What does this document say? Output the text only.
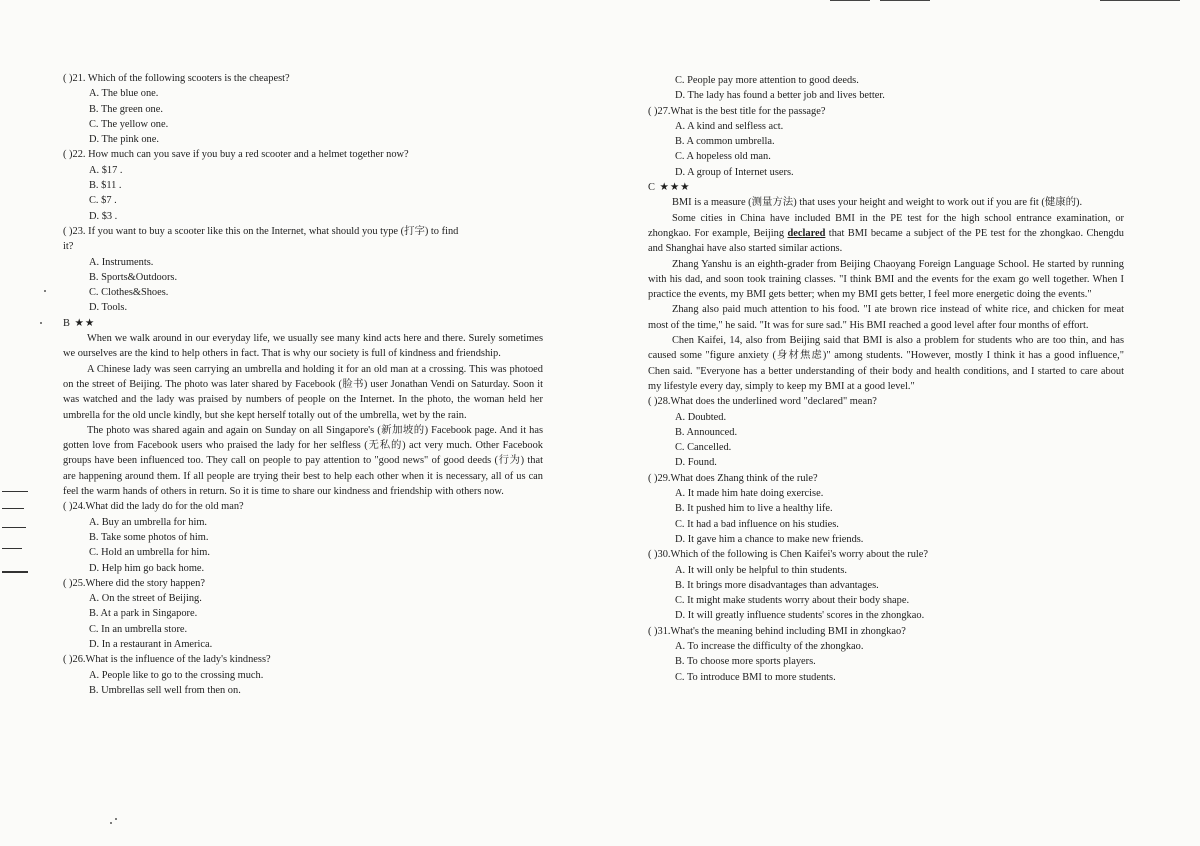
( )21. Which of the following scooters is the cheapest?
A. The blue one.
B. The green one.
C. The yellow one.
D. The pink one.
( )22. How much can you save if you buy a red scooter and a helmet together now?
A. $17 .
B. $11 .
C. $7 .
D. $3 .
( )23. If you want to buy a scooter like this on the Internet, what should you type (打字) to find
it?
A. Instruments.
B. Sports&Outdoors.
C. Clothes&Shoes.
D. Tools.
B ★★

When we walk around in our everyday life, we usually see many kind acts here and there. Surely sometimes we ourselves are the kind to help others in fact. That is why our society is full of kindness and friendship.

A Chinese lady was seen carrying an umbrella and holding it for an old man at a crossing. This was photoed on the street of Beijing. The photo was later shared by Facebook (脸书) user Jonathan Vendi on Saturday. Soon it was watched and the lady was praised by numbers of people on the Internet. In the photo, the woman held her umbrella for the old uncle kindly, but she kept herself totally out of the umbrella, wet by the rain.

The photo was shared again and again on Sunday on all Singapore's (新加坡的) Facebook page. And it has gotten love from Facebook users who praised the lady for her selfless (无私的) act very much. Other Facebook groups have been influenced too. They call on people to pay attention to "good news" of good deeds (行为) that are happening around them. If all people are trying their best to help each other when it is necessary, all of us can feel the warm hands of others in return. So it is time to share our kindness and friendship with others now.

( )24.What did the lady do for the old man?
A. Buy an umbrella for him.
B. Take some photos of him.
C. Hold an umbrella for him.
D. Help him go back home.
( )25.Where did the story happen?
A. On the street of Beijing.
B. At a park in Singapore.
C. In an umbrella store.
D. In a restaurant in America.
( )26.What is the influence of the lady's kindness?
A. People like to go to the crossing much.
B. Umbrellas sell well from then on.
C. People pay more attention to good deeds.
D. The lady has found a better job and lives better.
( )27.What is the best title for the passage?
A. A kind and selfless act.
B. A common umbrella.
C. A hopeless old man.
D. A group of Internet users.
C ★★★

BMI is a measure (测量方法) that uses your height and weight to work out if you are fit (健康的).

Some cities in China have included BMI in the PE test for the high school entrance examination, or zhongkao. For example, Beijing declared that BMI became a subject of the PE test for the zhongkao. Chengdu and Shanghai have also started similar actions.

Zhang Yanshu is an eighth-grader from Beijing Chaoyang Foreign Language School. He started by running with his dad, and soon took training classes. "I think BMI and the events for the exam go well together. When I practice the events, my BMI gets better; when my BMI gets better, I feel more energetic doing the events."

Zhang also paid much attention to his food. "I ate brown rice instead of white rice, and chicken for meat most of the time," he said. "It was for sure sad." His BMI reached a good level after four months of effort.

Chen Kaifei, 14, also from Beijing said that BMI is also a problem for students who are too thin, and has caused some "figure anxiety (身材焦虑)" among students. "However, mostly I think it has a good influence," Chen said. "Everyone has a better understanding of their body and health conditions, and I started to care about my lifestyle every day, simply to keep my BMI at a good level."

( )28.What does the underlined word "declared" mean?
A. Doubted.
B. Announced.
C. Cancelled.
D. Found.
( )29.What does Zhang think of the rule?
A. It made him hate doing exercise.
B. It pushed him to live a healthy life.
C. It had a bad influence on his studies.
D. It gave him a chance to make new friends.
( )30.Which of the following is Chen Kaifei's worry about the rule?
A. It will only be helpful to thin students.
B. It brings more disadvantages than advantages.
C. It might make students worry about their body shape.
D. It will greatly influence students' scores in the zhongkao.
( )31.What's the meaning behind including BMI in zhongkao?
A. To increase the difficulty of the zhongkao.
B. To choose more sports players.
C. To introduce BMI to more students.
